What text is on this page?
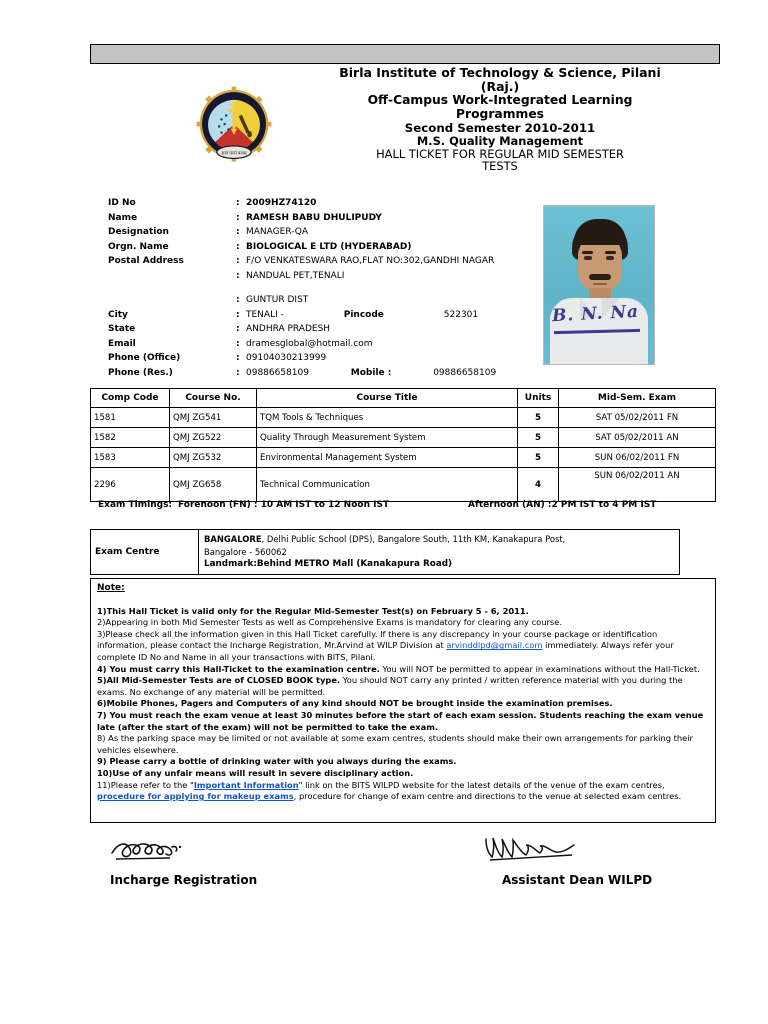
ज्ञानं परमं बलम्
Birla Institute of Technology & Science, Pilani
(Raj.)
Off-Campus Work-Integrated Learning
Programmes
Second Semester 2010-2011
M.S. Quality Management
HALL TICKET FOR REGULAR MID SEMESTER
TESTS
ID No	: 2009HZ74120
Name	: RAMESH BABU DHULIPUDY
Designation	: MANAGER-QA
Orgn. Name	: BIOLOGICAL E LTD (HYDERABAD)
Postal Address	: F/O VENKATESWARA RAO,FLAT NO:302,GANDHI NAGAR
: NANDUAL PET,TENALI
: GUNTUR DIST
City	: TENALI -	Pincode	522301
State	: ANDHRA PRADESH
Email	: dramesglobal@hotmail.com
Phone (Office)	: 09104030213999
Phone (Res.)	: 09886658109	Mobile :	09886658109
B. N. Na
Comp Code	Course No.	Course Title	Units	Mid-Sem. Exam
1581	QMJ ZG541	TQM Tools & Techniques	5	SAT 05/02/2011 FN
1582	QMJ ZG522	Quality Through Measurement System	5	SAT 05/02/2011 AN
1583	QMJ ZG532	Environmental Management System	5	SUN 06/02/2011 FN
2296	QMJ ZG658	Technical Communication	4	SUN 06/02/2011 AN
Exam Timings: Forenoon (FN) : 10 AM IST to 12 Noon IST	Afternoon (AN) :2 PM IST to 4 PM IST
Exam Centre
BANGALORE, Delhi Public School (DPS), Bangalore South, 11th KM, Kanakapura Post,
Bangalore - 560062
Landmark:Behind METRO Mall (Kanakapura Road)
Note:

1)This Hall Ticket is valid only for the Regular Mid-Semester Test(s) on February 5 - 6, 2011.

2)Appearing in both Mid Semester Tests as well as Comprehensive Exams is mandatory for clearing any course.

3)Please check all the information given in this Hall Ticket carefully. If there is any discrepancy in your course package or identification information, please contact the Incharge Registration, Mr.Arvind at WILP Division at arvinddlpd@gmail.com immediately. Always refer your complete ID No and Name in all your transactions with BITS, Pilani.

4) You must carry this Hall-Ticket to the examination centre. You will NOT be permitted to appear in examinations without the Hall-Ticket.

5)All Mid-Semester Tests are of CLOSED BOOK type. You should NOT carry any printed / written reference material with you during the exams. No exchange of any material will be permitted.

6)Mobile Phones, Pagers and Computers of any kind should NOT be brought inside the examination premises.

7) You must reach the exam venue at least 30 minutes before the start of each exam session. Students reaching the exam venue late (after the start of the exam) will not be permitted to take the exam.

8) As the parking space may be limited or not available at some exam centres, students should make their own arrangements for parking their vehicles elsewhere.

9) Please carry a bottle of drinking water with you always during the exams.

10)Use of any unfair means will result in severe disciplinary action.

11)Please refer to the "Important Information" link on the BITS WILPD website for the latest details of the venue of the exam centres, procedure for applying for makeup exams, procedure for change of exam centre and directions to the venue at selected exam centres.

Incharge Registration	Assistant Dean WILPD
